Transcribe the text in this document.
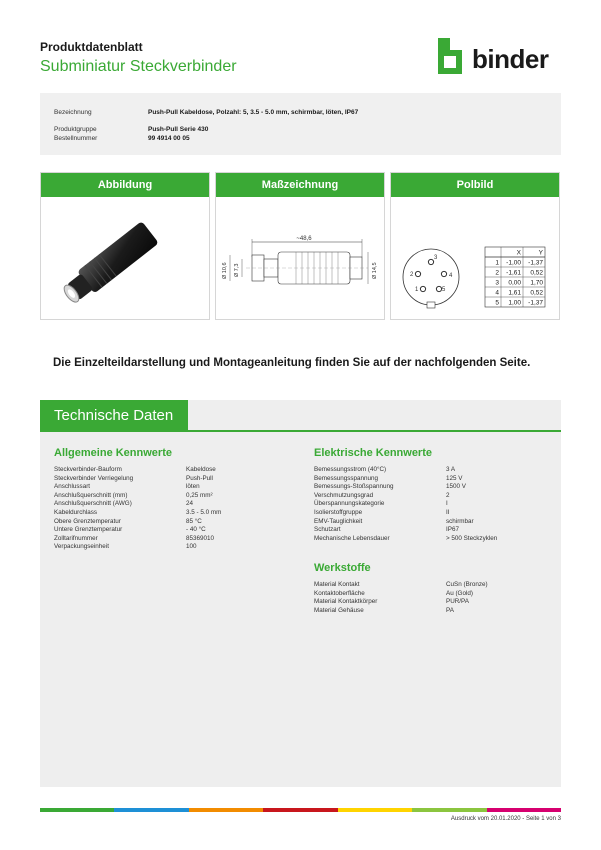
Produktdatenblatt
Subminiatur Steckverbinder	binder
Bezeichnung	Push-Pull Kabeldose, Polzahl: 5, 3.5 - 5.0 mm, schirmbar, löten, IP67
Produktgruppe	Push-Pull Serie 430
Bestellnummer	99 4914 00 05
Abbildung	Maßzeichnung
~48,6
Ø 10,6 Ø 7,3	Ø 14,5
Polbild
1
2
3
4
5
X	Y
1 -1,00 -1,37
2 -1,61 0,52
3 0,00 1,70
4 1,61 0,52
5 1,00 -1,37
Die Einzelteildarstellung und Montageanleitung finden Sie auf der nachfolgenden Seite.
Technische Daten
Allgemeine Kennwerte
Steckverbinder-Bauform	Kabeldose
Steckverbinder Verriegelung	Push-Pull
Anschlussart	löten
Anschlußquerschnitt (mm)	0,25 mm²
Anschlußquerschnitt (AWG)	24
Kabeldurchlass	3.5 - 5.0 mm
Obere Grenztemperatur	85 °C
Untere Grenztemperatur	- 40 °C
Zolltarifnummer	85369010
Verpackungseinheit	100
Elektrische Kennwerte
Bemessungsstrom (40°C)	3 A
Bemessungsspannung	125 V
Bemessungs-Stoßspannung	1500 V
Verschmutzungsgrad	2
Überspannungskategorie	I
Isolierstoffgruppe	II
EMV-Tauglichkeit	schirmbar
Schutzart	IP67
Mechanische Lebensdauer	> 500 Steckzyklen
Werkstoffe
Material Kontakt	CuSn (Bronze)
Kontaktoberfläche	Au (Gold)
Material Kontaktkörper	PUR/PA
Material Gehäuse	PA
Ausdruck vom 20.01.2020 - Seite 1 von 3
